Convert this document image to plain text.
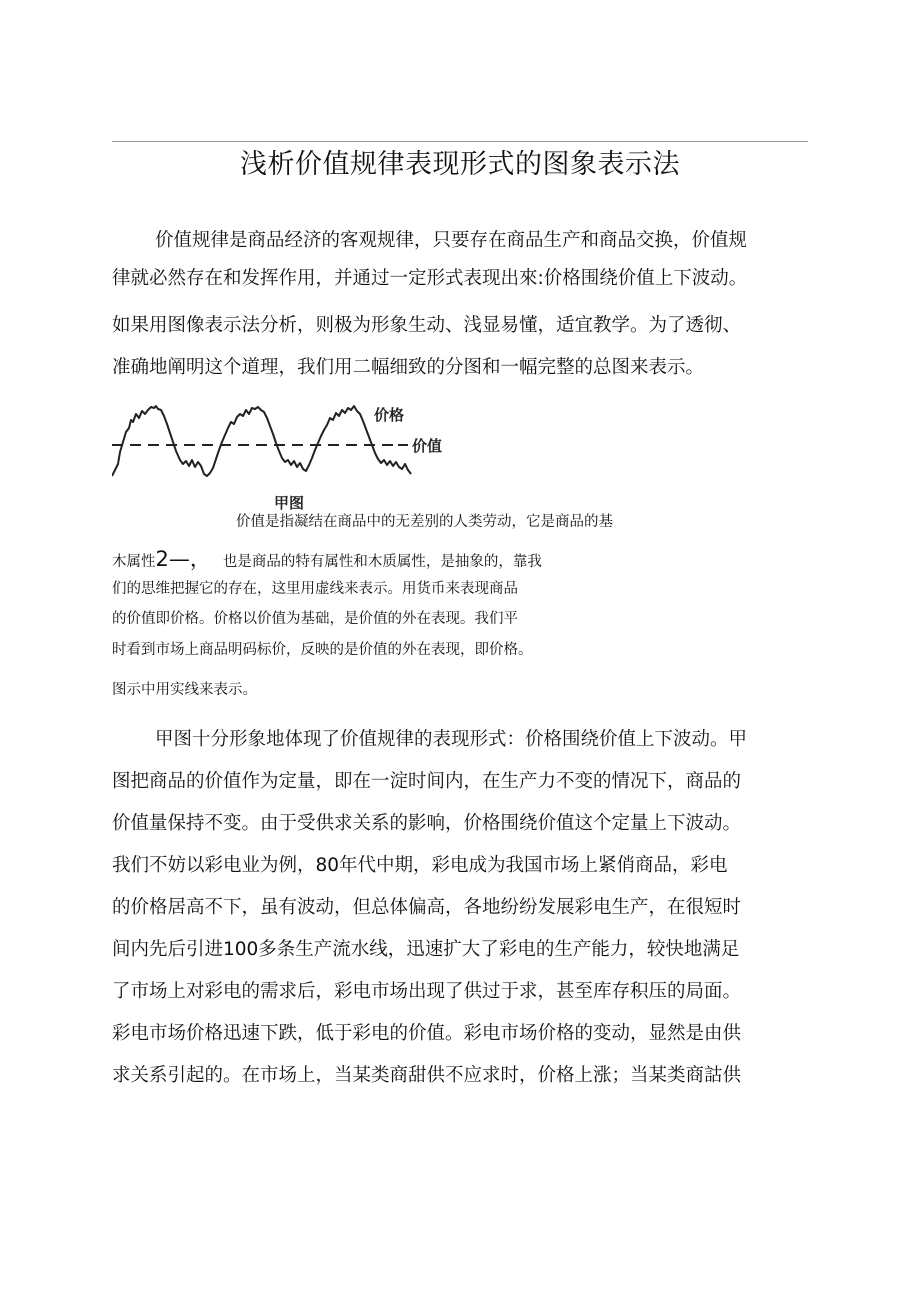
浅析价值规律表现形式的图象表示法
价值规律是商品经济的客观规律，只要存在商品生产和商品交换，价值规
律就必然存在和发挥作用，并通过一定形式表现出來:价格围绕价值上下波动。
如果用图像表示法分析，则极为形象生动、浅显易懂，适宜教学。为了透彻、
准确地阐明这个道理，我们用二幅细致的分图和一幅完整的总图来表示。
价格
价值
甲图
价值是指凝结在商品中的无差别的人类劳动，它是商品的基
木属性2—， 也是商品的特有属性和木质属性，是抽象的，靠我
们的思维把握它的存在，这里用虚线来表示。用货币来表现商品
的价值即价格。价格以价值为基础，是价值的外在表现。我们平
时看到市场上商品明码标价，反映的是价值的外在表现，即价格。
图示中用实线来表示。
甲图十分形象地体现了价值规律的表现形式：价格围绕价值上下波动。甲
图把商品的价值作为定量，即在一淀时间内，在生产力不变的情况下，商品的
价值量保持不变。由于受供求关系的影响，价格围绕价值这个定量上下波动。
我们不妨以彩电业为例，80年代中期，彩电成为我国市场上紧俏商品，彩电
的价格居高不下，虽有波动，但总体偏高，各地纷纷发展彩电生产，在很短时
间内先后引进100多条生产流水线，迅速扩大了彩电的生产能力，较快地满足
了市场上对彩电的需求后，彩电市场出现了供过于求，甚至库存积压的局面。
彩电市场价格迅速下跌，低于彩电的价值。彩电市场价格的变动，显然是由供
求关系引起的。在市场上，当某类商甜供不应求时，价格上涨；当某类商詁供
